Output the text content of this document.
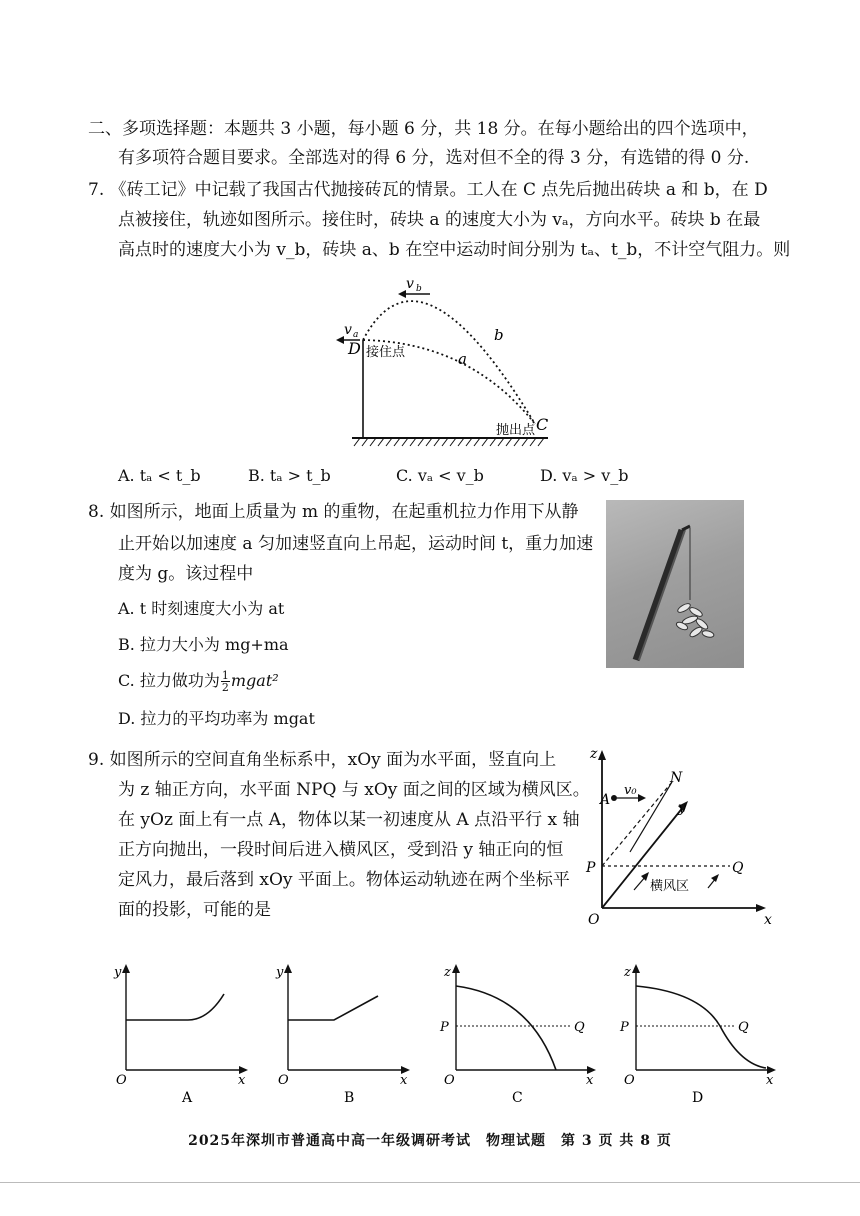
二、多项选择题：本题共 3 小题，每小题 6 分，共 18 分。在每小题给出的四个选项中，
有多项符合题目要求。全部选对的得 6 分，选对但不全的得 3 分，有选错的得 0 分.
7. 《砖工记》中记载了我国古代抛接砖瓦的情景。工人在 C 点先后抛出砖块 a 和 b，在 D
点被接住，轨迹如图所示。接住时，砖块 a 的速度大小为 vₐ，方向水平。砖块 b 在最
高点时的速度大小为 v_b，砖块 a、b 在空中运动时间分别为 tₐ、t_b，不计空气阻力。则
v b
v a
D 接住点	a
b
抛出点 C
A. tₐ < t_b	B. tₐ > t_b	C. vₐ < v_b	D. vₐ > v_b
8. 如图所示，地面上质量为 m 的重物，在起重机拉力作用下从静
止开始以加速度 a 匀加速竖直向上吊起，运动时间 t，重力加速
度为 g。该过程中
A. t 时刻速度大小为 at
B. 拉力大小为 mg+ma
C. 拉力做功为 $\frac{1}{2}$ mgat²
D. 拉力的平均功率为 mgat
9. 如图所示的空间直角坐标系中，xOy 面为水平面，竖直向上
为 z 轴正方向，水平面 NPQ 与 xOy 面之间的区域为横风区。
在 yOz 面上有一点 A，物体以某一初速度从 A 点沿平行 x 轴
正方向抛出，一段时间后进入横风区，受到沿 y 轴正向的恒
定风力，最后落到 xOy 平面上。物体运动轨迹在两个坐标平
面的投影，可能的是
z
A
v₀
N
y
P	Q
横风区
O	x
y
O	x
A
y
O	x
B
z
P	Q
O	x
C
z
P	Q
O	x
D
2025年深圳市普通高中高一年级调研考试　物理试题　第 3 页 共 8 页
